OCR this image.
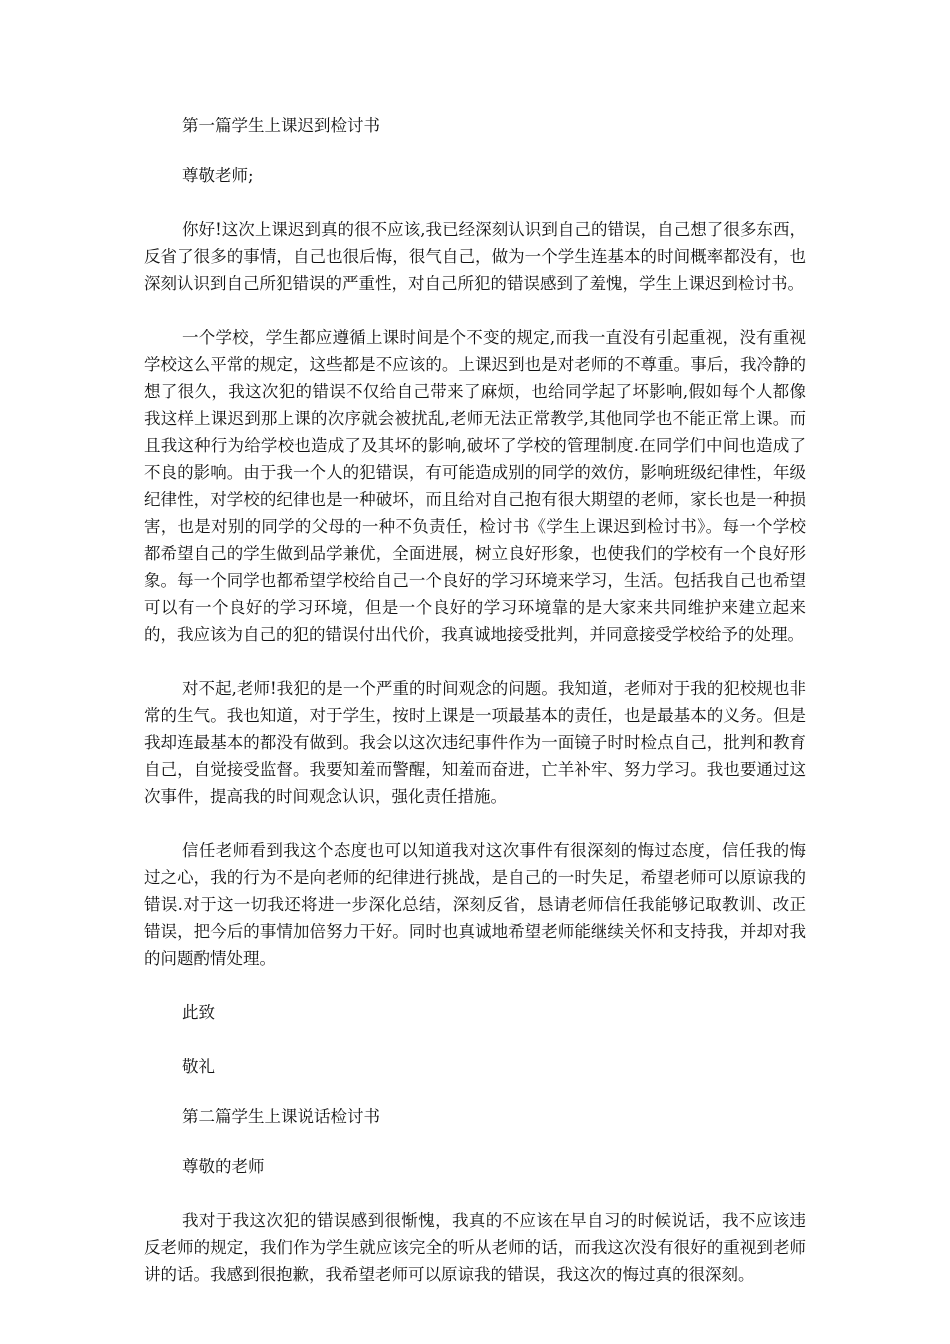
第一篇学生上课迟到检讨书

尊敬老师;

你好!这次上课迟到真的很不应该,我已经深刻认识到自己的错误，自己想了很多东西，反省了很多的事情，自己也很后悔，很气自己，做为一个学生连基本的时间概率都没有，也深刻认识到自己所犯错误的严重性，对自己所犯的错误感到了羞愧，学生上课迟到检讨书。

一个学校，学生都应遵循上课时间是个不变的规定,而我一直没有引起重视，没有重视学校这么平常的规定，这些都是不应该的。上课迟到也是对老师的不尊重。事后，我冷静的想了很久，我这次犯的错误不仅给自己带来了麻烦，也给同学起了坏影响,假如每个人都像我这样上课迟到那上课的次序就会被扰乱,老师无法正常教学,其他同学也不能正常上课。而且我这种行为给学校也造成了及其坏的影响,破坏了学校的管理制度.在同学们中间也造成了不良的影响。由于我一个人的犯错误，有可能造成别的同学的效仿，影响班级纪律性，年级纪律性，对学校的纪律也是一种破坏，而且给对自己抱有很大期望的老师，家长也是一种损害，也是对别的同学的父母的一种不负责任，检讨书《学生上课迟到检讨书》。每一个学校都希望自己的学生做到品学兼优，全面进展，树立良好形象，也使我们的学校有一个良好形象。每一个同学也都希望学校给自己一个良好的学习环境来学习，生活。包括我自己也希望可以有一个良好的学习环境，但是一个良好的学习环境靠的是大家来共同维护来建立起来的，我应该为自己的犯的错误付出代价，我真诚地接受批判，并同意接受学校给予的处理。

对不起,老师!我犯的是一个严重的时间观念的问题。我知道，老师对于我的犯校规也非常的生气。我也知道，对于学生，按时上课是一项最基本的责任，也是最基本的义务。但是我却连最基本的都没有做到。我会以这次违纪事件作为一面镜子时时检点自己，批判和教育自己，自觉接受监督。我要知羞而警醒，知羞而奋进，亡羊补牢、努力学习。我也要通过这次事件，提高我的时间观念认识，强化责任措施。

信任老师看到我这个态度也可以知道我对这次事件有很深刻的悔过态度，信任我的悔过之心，我的行为不是向老师的纪律进行挑战，是自己的一时失足，希望老师可以原谅我的错误.对于这一切我还将进一步深化总结，深刻反省，恳请老师信任我能够记取教训、改正错误，把今后的事情加倍努力干好。同时也真诚地希望老师能继续关怀和支持我，并却对我的问题酌情处理。

此致

敬礼

第二篇学生上课说话检讨书

尊敬的老师

我对于我这次犯的错误感到很惭愧，我真的不应该在早自习的时候说话，我不应该违反老师的规定，我们作为学生就应该完全的听从老师的话，而我这次没有很好的重视到老师讲的话。我感到很抱歉，我希望老师可以原谅我的错误，我这次的悔过真的很深刻。
